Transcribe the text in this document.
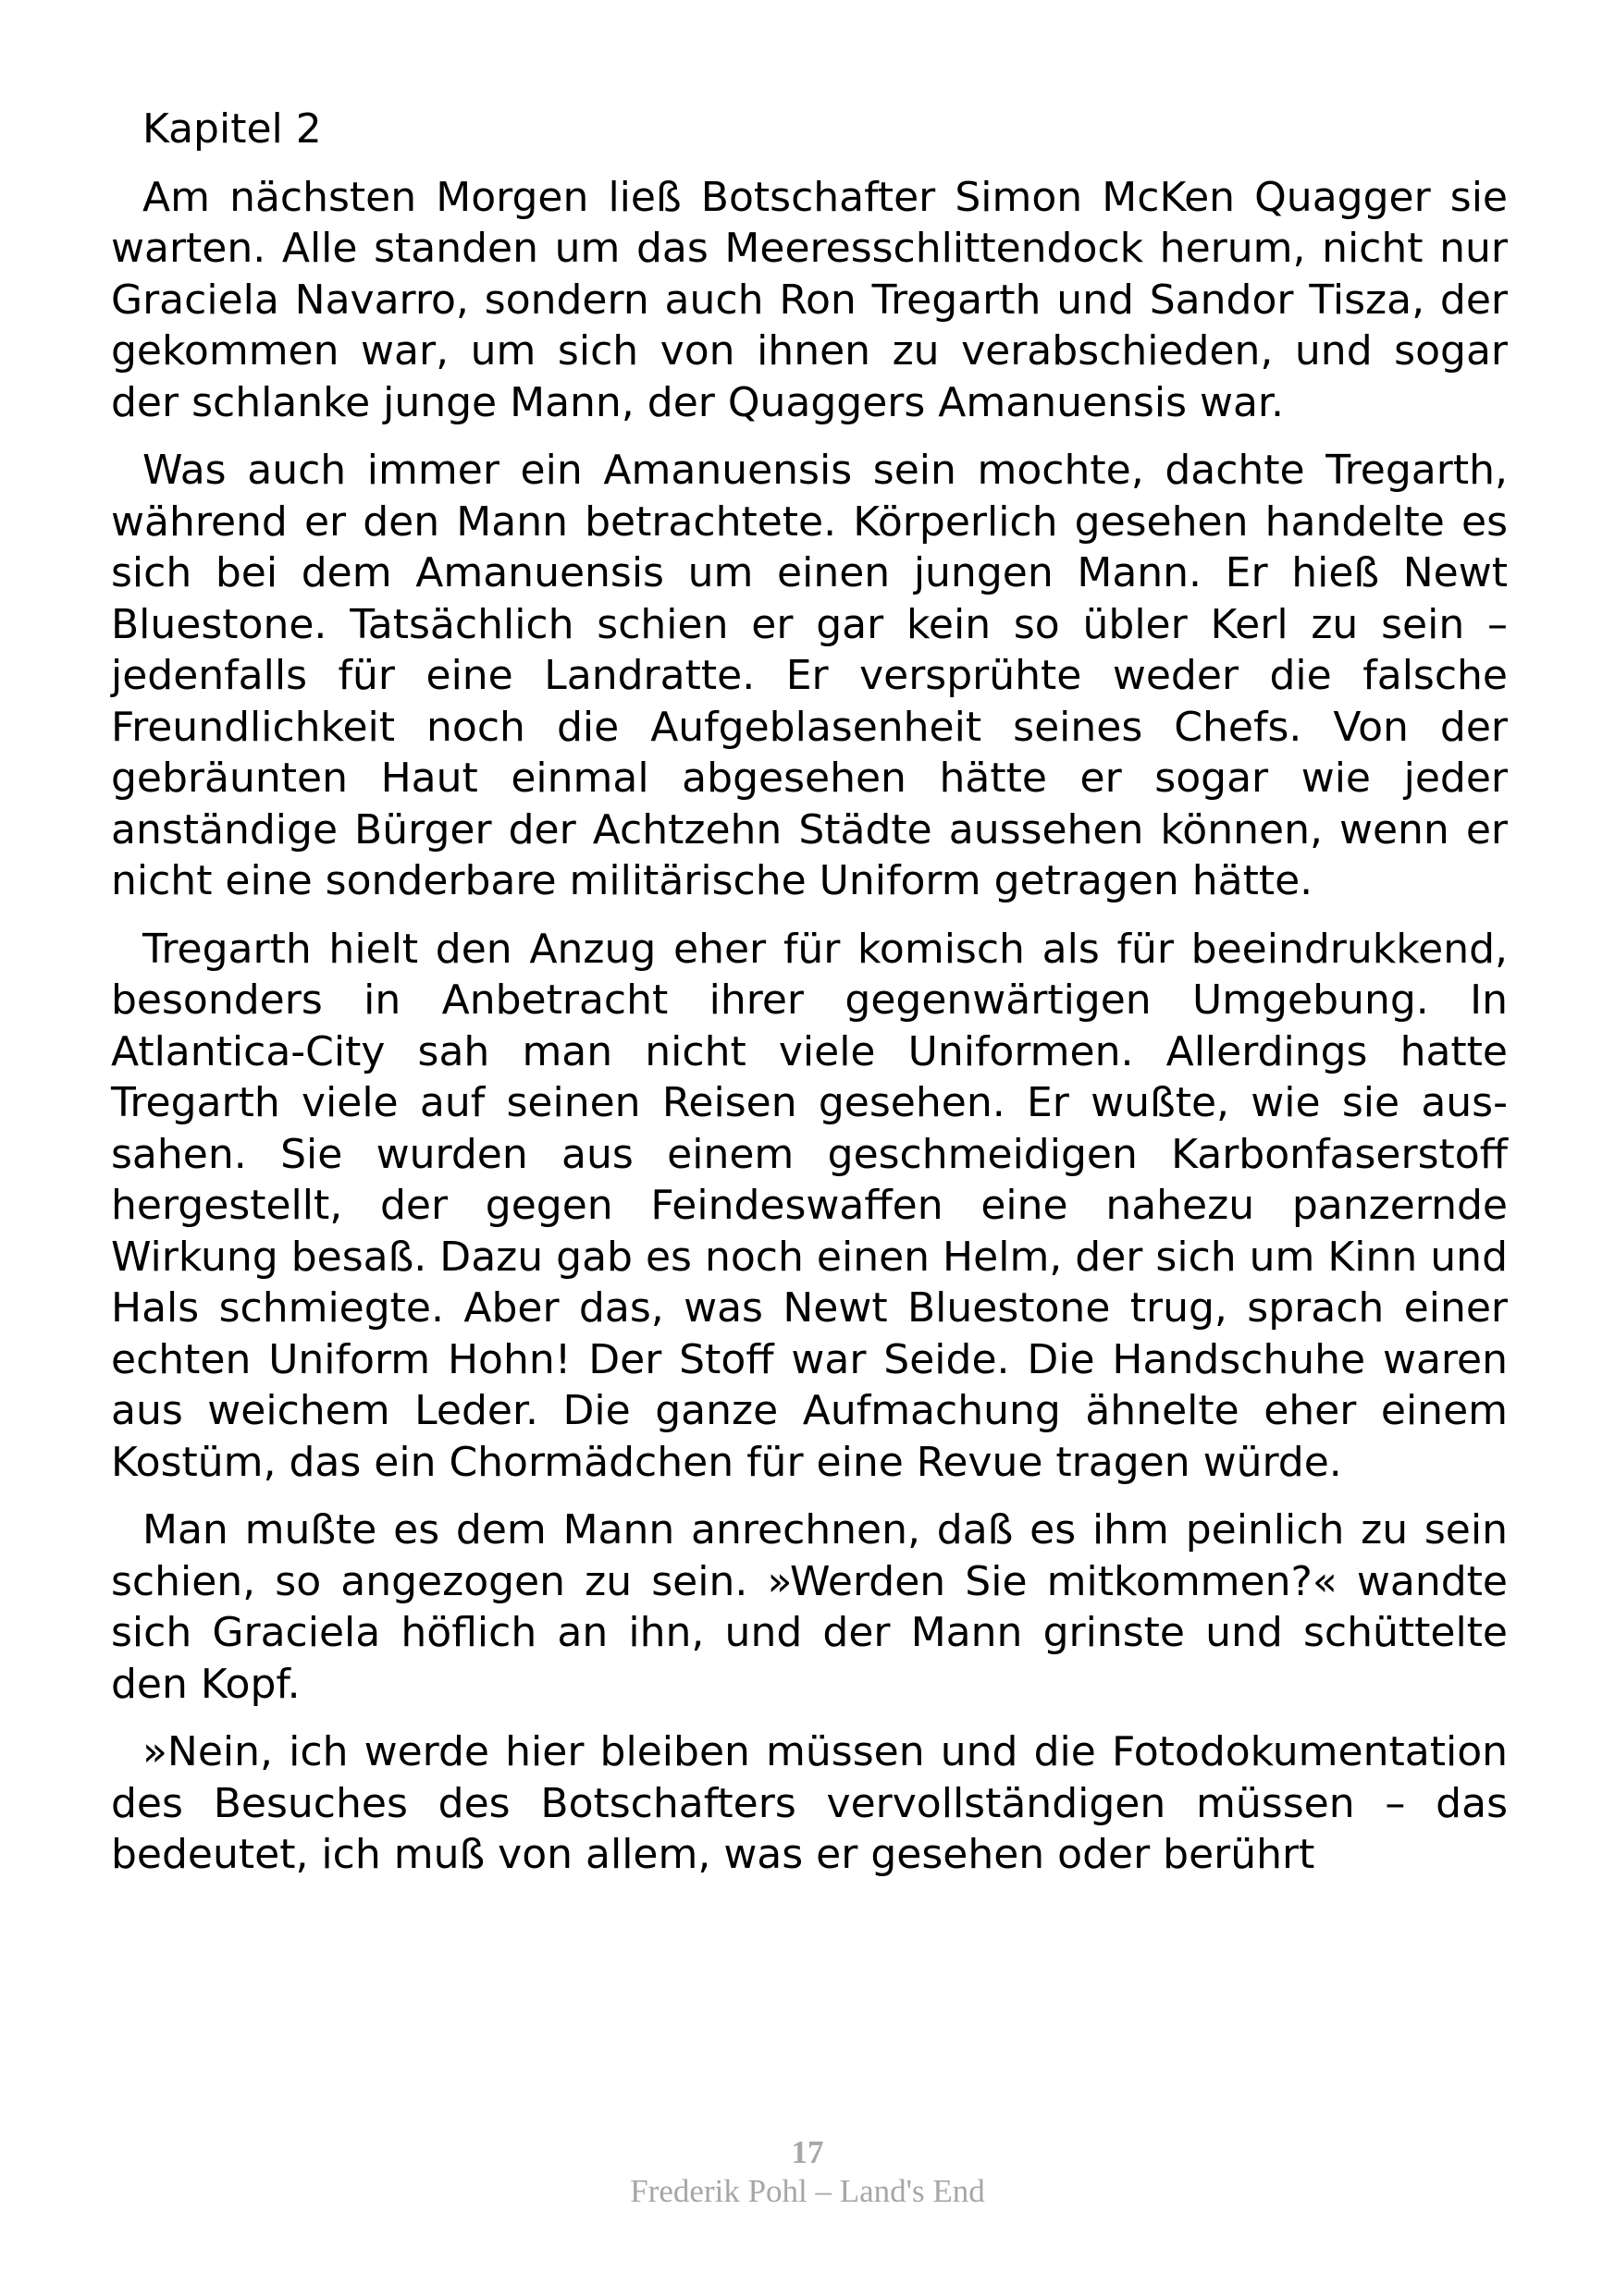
Kapitel 2

Am nächsten Morgen ließ Botschafter Simon McKen Quagger sie warten. Alle standen um das Meeresschlittendock herum, nicht nur Graciela Navarro, sondern auch Ron Tregarth und Sandor Tisza, der gekommen war, um sich von ihnen zu verabschieden, und sogar der schlanke junge Mann, der Quaggers Amanuensis war.

Was auch immer ein Amanuensis sein mochte, dachte Tregarth, während er den Mann betrachtete. Körperlich gesehen handelte es sich bei dem Amanuensis um einen jungen Mann. Er hieß Newt Bluestone. Tatsächlich schien er gar kein so übler Kerl zu sein – jedenfalls für eine Landratte. Er versprühte weder die falsche Freundlichkeit noch die Aufgeblasenheit seines Chefs. Von der gebräunten Haut einmal abgesehen hätte er sogar wie jeder anständige Bürger der Achtzehn Städte aussehen können, wenn er nicht eine sonderbare militärische Uniform getragen hätte.

Tregarth hielt den Anzug eher für komisch als für beeindrukkend, besonders in Anbetracht ihrer gegenwärtigen Umgebung. In Atlantica-City sah man nicht viele Uniformen. Allerdings hatte Tregarth viele auf seinen Reisen gesehen. Er wußte, wie sie aussahen. Sie wurden aus einem geschmeidigen Karbonfaserstoff hergestellt, der gegen Feindeswaffen eine nahezu panzernde Wirkung besaß. Dazu gab es noch einen Helm, der sich um Kinn und Hals schmiegte. Aber das, was Newt Bluestone trug, sprach einer echten Uniform Hohn! Der Stoff war Seide. Die Handschuhe waren aus weichem Leder. Die ganze Aufmachung ähnelte eher einem Kostüm, das ein Chormädchen für eine Revue tragen würde.

Man mußte es dem Mann anrechnen, daß es ihm peinlich zu sein schien, so angezogen zu sein. »Werden Sie mitkommen?« wandte sich Graciela höflich an ihn, und der Mann grinste und schüttelte den Kopf.

»Nein, ich werde hier bleiben müssen und die Fotodokumentation des Besuches des Botschafters vervollständigen müssen – das bedeutet, ich muß von allem, was er gesehen oder berührt

17
Frederik Pohl – Land's End
